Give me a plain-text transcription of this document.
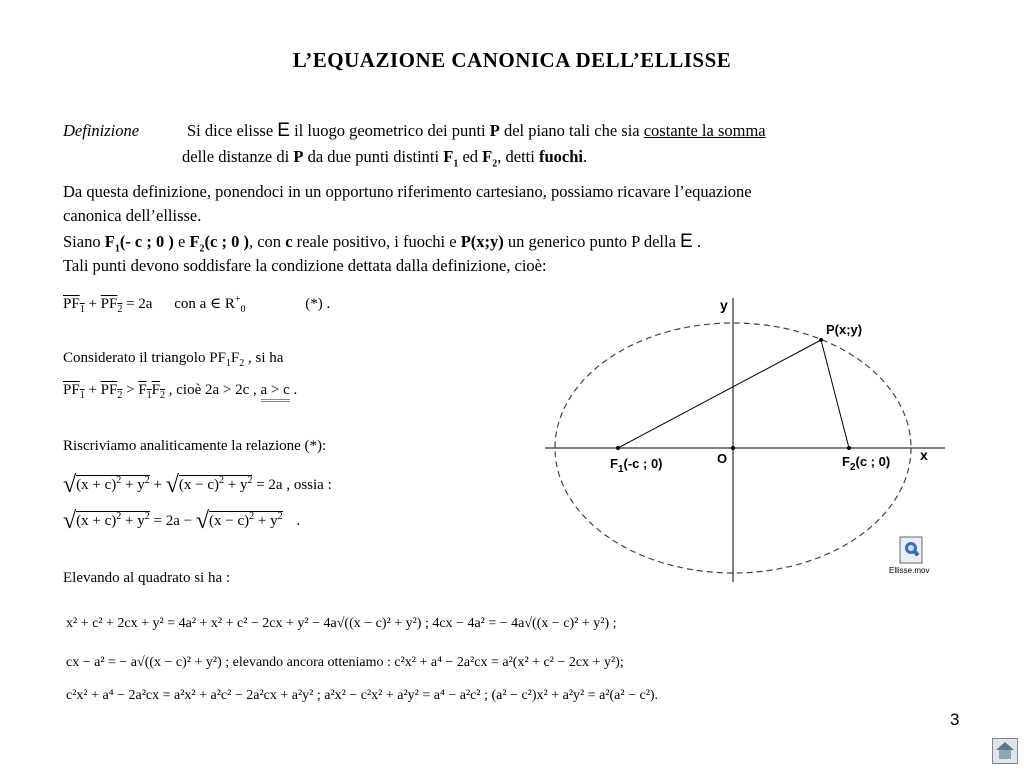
L’EQUAZIONE CANONICA DELL’ELLISSE
Definizione	Si dice elisse E il luogo geometrico dei punti P del piano tali che sia costante la somma
delle distanze di P da due punti distinti $F_1$ ed $F_2$, detti fuochi.
Da questa definizione, ponendoci in un opportuno riferimento cartesiano, possiamo ricavare l’equazione
canonica dell’ellisse.
Siano $F_1(-$ c ; 0 ) e $F_2(c$ ; 0 ), con c reale positivo, i fuochi e P(x;y) un generico punto P della E .
Tali punti devono soddisfare la condizione dettata dalla definizione, cioè:
$PF_1 + PF_2 = 2a$ con a ∈ $R^+_0$	(*) .
Considerato il triangolo $PF_1F_2$ , si ha
$PF_1 + PF_2 > F_1F_2$ , cioè 2a > 2c , a > c .
Riscriviamo analiticamente la relazione (*):
$√(x + c)^2 + y^2 + √(x - c)^2 + y^2 = 2a$ , ossia :
$√(x + c)^2 + y^2 = 2a - √(x - c)^2 + y^2$ .
Elevando al quadrato si ha :
x² + c² + 2cx + y² = 4a² + x² + c² − 2cx + y² − 4a√((x − c)² + y²) ; 4cx − 4a² = − 4a√((x − c)² + y²) ;
cx − a² = − a√((x − c)² + y²) ; elevando ancora otteniamo : c²x² + a⁴ − 2a²cx = a²(x² + c² − 2cx + y²);
c²x² + a⁴ − 2a²cx = a²x² + a²c² − 2a²cx + a²y² ; a²x² − c²x² + a²y² = a⁴ − a²c² ; (a² − c²)x² + a²y² = a²(a² − c²).
y
x
O
P(x;y)
$F_1(-c$ ; 0)	$F_2(c$ ; 0)
Ellisse.mov
3
